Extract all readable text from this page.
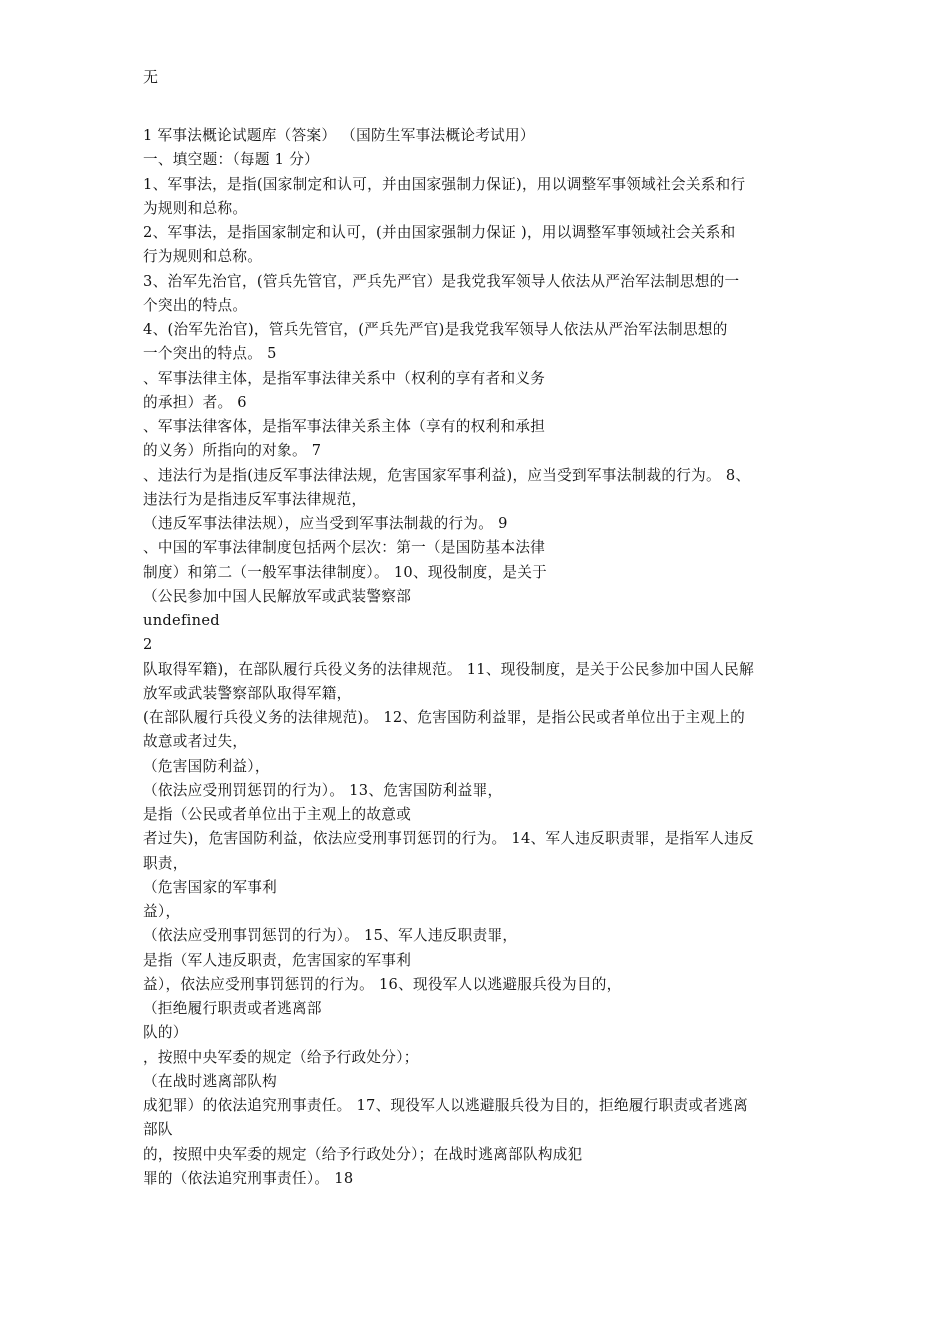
无
1 军事法概论试题库（答案） （国防生军事法概论考试用）
一、填空题：（每题 1 分）
1、军事法，是指(国家制定和认可，并由国家强制力保证)，用以调整军事领域社会关系和行
为规则和总称。
2、军事法，是指国家制定和认可，(并由国家强制力保证 )，用以调整军事领域社会关系和
行为规则和总称。
3、治军先治官，(管兵先管官，严兵先严官）是我党我军领导人依法从严治军法制思想的一
个突出的特点。
4、(治军先治官)，管兵先管官，(严兵先严官)是我党我军领导人依法从严治军法制思想的
一个突出的特点。 5
、军事法律主体，是指军事法律关系中（权利的享有者和义务
的承担）者。 6
、军事法律客体，是指军事法律关系主体（享有的权利和承担
的义务）所指向的对象。 7
、违法行为是指(违反军事法律法规，危害国家军事利益)，应当受到军事法制裁的行为。 8、
违法行为是指违反军事法律规范，
（违反军事法律法规），应当受到军事法制裁的行为。 9
、中国的军事法律制度包括两个层次：第一（是国防基本法律
制度）和第二（一般军事法律制度）。 10、现役制度，是关于
（公民参加中国人民解放军或武装警察部
undefined
2
队取得军籍)，在部队履行兵役义务的法律规范。 11、现役制度，是关于公民参加中国人民解
放军或武装警察部队取得军籍，
(在部队履行兵役义务的法律规范)。 12、危害国防利益罪，是指公民或者单位出于主观上的
故意或者过失，
（危害国防利益），
（依法应受刑罚惩罚的行为）。 13、危害国防利益罪，
是指（公民或者单位出于主观上的故意或
者过失)，危害国防利益，依法应受刑事罚惩罚的行为。 14、军人违反职责罪，是指军人违反
职责，
（危害国家的军事利
益），
（依法应受刑事罚惩罚的行为）。 15、军人违反职责罪，
是指（军人违反职责，危害国家的军事利
益），依法应受刑事罚惩罚的行为。 16、现役军人以逃避服兵役为目的，
（拒绝履行职责或者逃离部
队的）
，按照中央军委的规定（给予行政处分）；
（在战时逃离部队构
成犯罪）的依法追究刑事责任。 17、现役军人以逃避服兵役为目的，拒绝履行职责或者逃离
部队
的，按照中央军委的规定（给予行政处分）；在战时逃离部队构成犯
罪的（依法追究刑事责任）。 18
